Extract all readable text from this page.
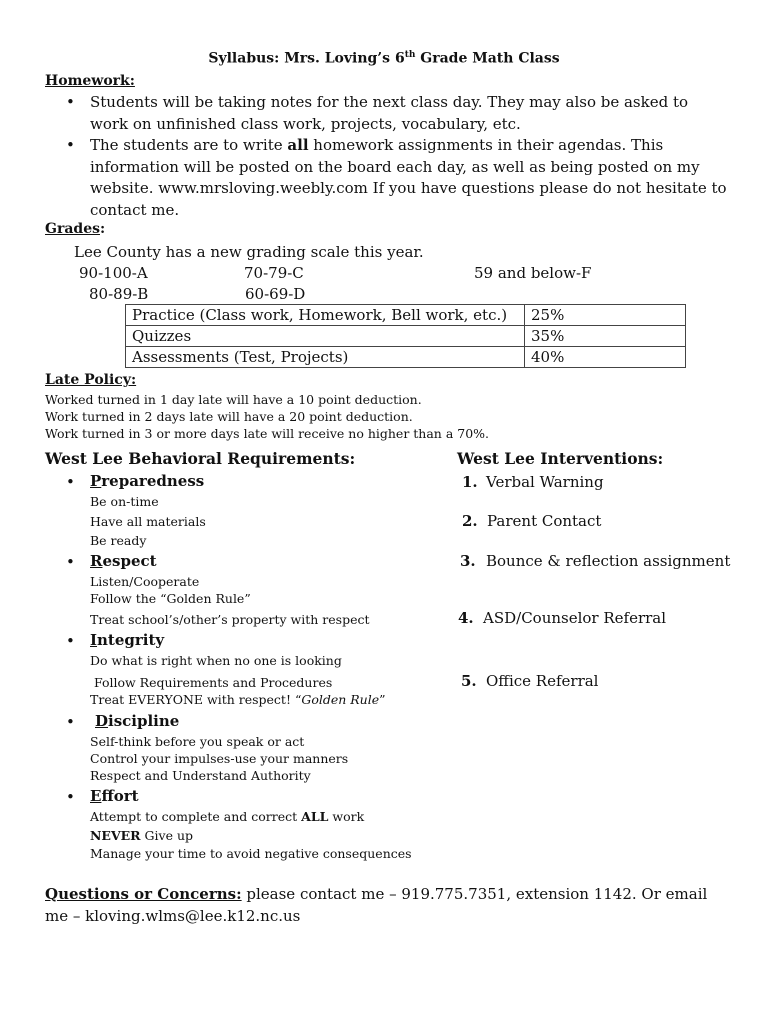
Syllabus: Mrs. Loving’s 6th Grade Math Class
Homework:
• Students will be taking notes for the next class day. They may also be asked to work on unfinished class work, projects, vocabulary, etc.
• The students are to write all homework assignments in their agendas. This information will be posted on the board each day, as well as being posted on my website. www.mrsloving.weebly.com If you have questions please do not hesitate to contact me.
Grades:
Lee County has a new grading scale this year.
90-100-A	70-79-C	59 and below-F
80-89-B	60-69-D
Practice (Class work, Homework, Bell work, etc.)	25%
Quizzes	35%
Assessments (Test, Projects)	40%
Late Policy:
Worked turned in 1 day late will have a 10 point deduction.
Work turned in 2 days late will have a 20 point deduction.
Work turned in 3 or more days late will receive no higher than a 70%.
West Lee Behavioral Requirements:
• Preparedness
Be on-time
Have all materials
Be ready
• Respect
Listen/Cooperate
Follow the “Golden Rule”
Treat school’s/other’s property with respect
• Integrity
Do what is right when no one is looking
Follow Requirements and Procedures
Treat EVERYONE with respect! “Golden Rule”
• Discipline
Self-think before you speak or act
Control your impulses-use your manners
Respect and Understand Authority
• Effort
Attempt to complete and correct ALL work
NEVER Give up
Manage your time to avoid negative consequences
West Lee Interventions:
1. Verbal Warning
2. Parent Contact
3. Bounce & reflection assignment
4. ASD/Counselor Referral
5. Office Referral
Questions or Concerns: please contact me – 919.775.7351, extension 1142. Or email me – kloving.wlms@lee.k12.nc.us
